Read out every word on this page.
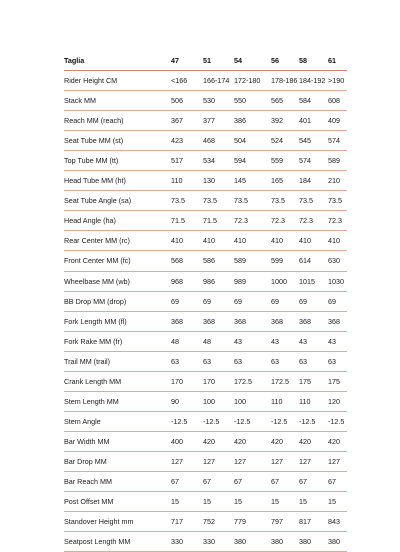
Taglia	47	51	54	56	58	61
Rider Height CM	<166	166-174	172-180	178-186	184-192	>190
Stack MM	506	530	550	565	584	608
Reach MM (reach)	367	377	386	392	401	409
Seat Tube MM (st)	423	468	504	524	545	574
Top Tube MM (tt)	517	534	594	559	574	589
Head Tube MM (ht)	110	130	145	165	184	210
Seat Tube Angle (sa)	73.5	73.5	73.5	73.5	73.5	73.5
Head Angle (ha)	71.5	71.5	72.3	72.3	72.3	72.3
Rear Center MM (rc)	410	410	410	410	410	410
Front Center MM (fc)	568	586	589	599	614	630
Wheelbase MM (wb)	968	986	989	1000	1015	1030
BB Drop MM (drop)	69	69	69	69	69	69
Fork Length MM (fl)	368	368	368	368	368	368
Fork Rake MM (fr)	48	48	43	43	43	43
Trail MM (trail)	63	63	63	63	63	63
Crank Length MM	170	170	172.5	172.5	175	175
Stem Length MM	90	100	100	110	110	120
Stem Angle	-12.5	-12.5	-12.5	-12.5	-12.5	-12.5
Bar Width MM	400	420	420	420	420	420
Bar Drop MM	127	127	127	127	127	127
Bar Reach MM	67	67	67	67	67	67
Post Offset MM	15	15	15	15	15	15
Standover Height mm	717	752	779	797	817	843
Seatpost Length MM	330	330	380	380	380	380
